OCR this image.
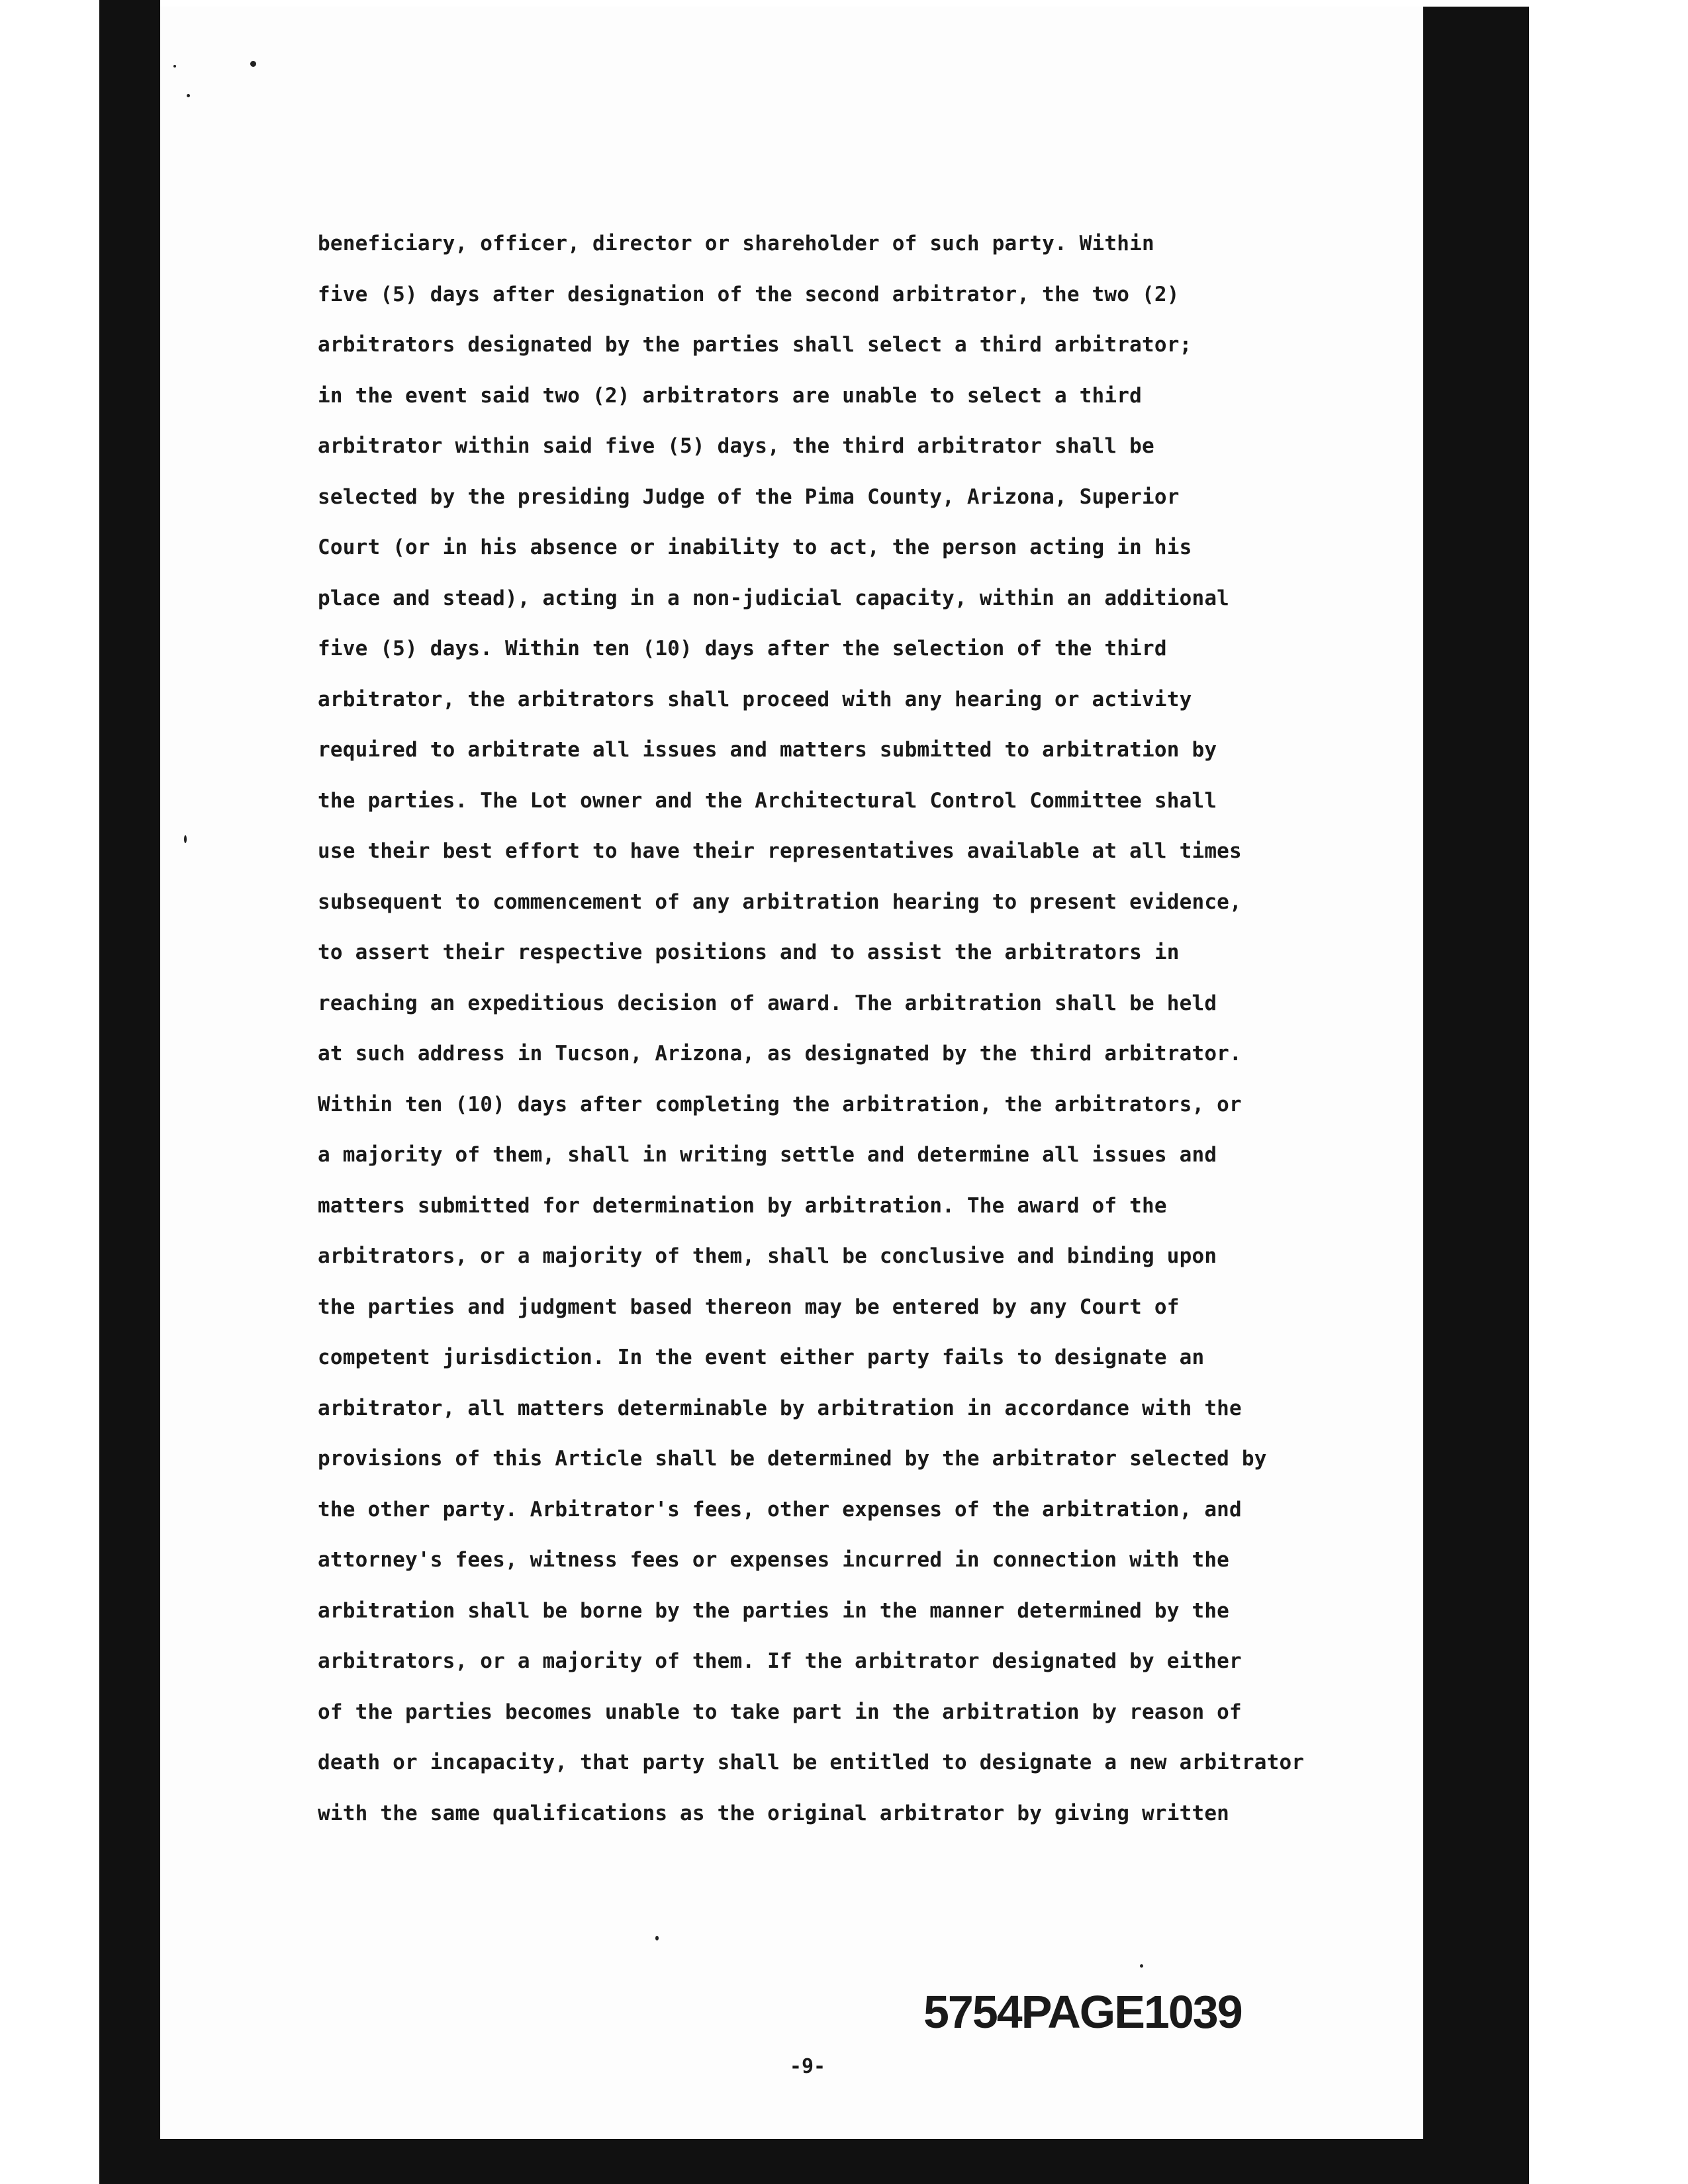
beneficiary, officer, director or shareholder of such party. Within
five (5) days after designation of the second arbitrator, the two (2)
arbitrators designated by the parties shall select a third arbitrator;
in the event said two (2) arbitrators are unable to select a third
arbitrator within said five (5) days, the third arbitrator shall be
selected by the presiding Judge of the Pima County, Arizona, Superior
Court (or in his absence or inability to act, the person acting in his
place and stead), acting in a non-judicial capacity, within an additional
five (5) days. Within ten (10) days after the selection of the third
arbitrator, the arbitrators shall proceed with any hearing or activity
required to arbitrate all issues and matters submitted to arbitration by
the parties. The Lot owner and the Architectural Control Committee shall
use their best effort to have their representatives available at all times
subsequent to commencement of any arbitration hearing to present evidence,
to assert their respective positions and to assist the arbitrators in
reaching an expeditious decision of award. The arbitration shall be held
at such address in Tucson, Arizona, as designated by the third arbitrator.
Within ten (10) days after completing the arbitration, the arbitrators, or
a majority of them, shall in writing settle and determine all issues and
matters submitted for determination by arbitration. The award of the
arbitrators, or a majority of them, shall be conclusive and binding upon
the parties and judgment based thereon may be entered by any Court of
competent jurisdiction. In the event either party fails to designate an
arbitrator, all matters determinable by arbitration in accordance with the
provisions of this Article shall be determined by the arbitrator selected by
the other party. Arbitrator's fees, other expenses of the arbitration, and
attorney's fees, witness fees or expenses incurred in connection with the
arbitration shall be borne by the parties in the manner determined by the
arbitrators, or a majority of them. If the arbitrator designated by either
of the parties becomes unable to take part in the arbitration by reason of
death or incapacity, that party shall be entitled to designate a new arbitrator
with the same qualifications as the original arbitrator by giving written
5754PAGE1039
-9-
